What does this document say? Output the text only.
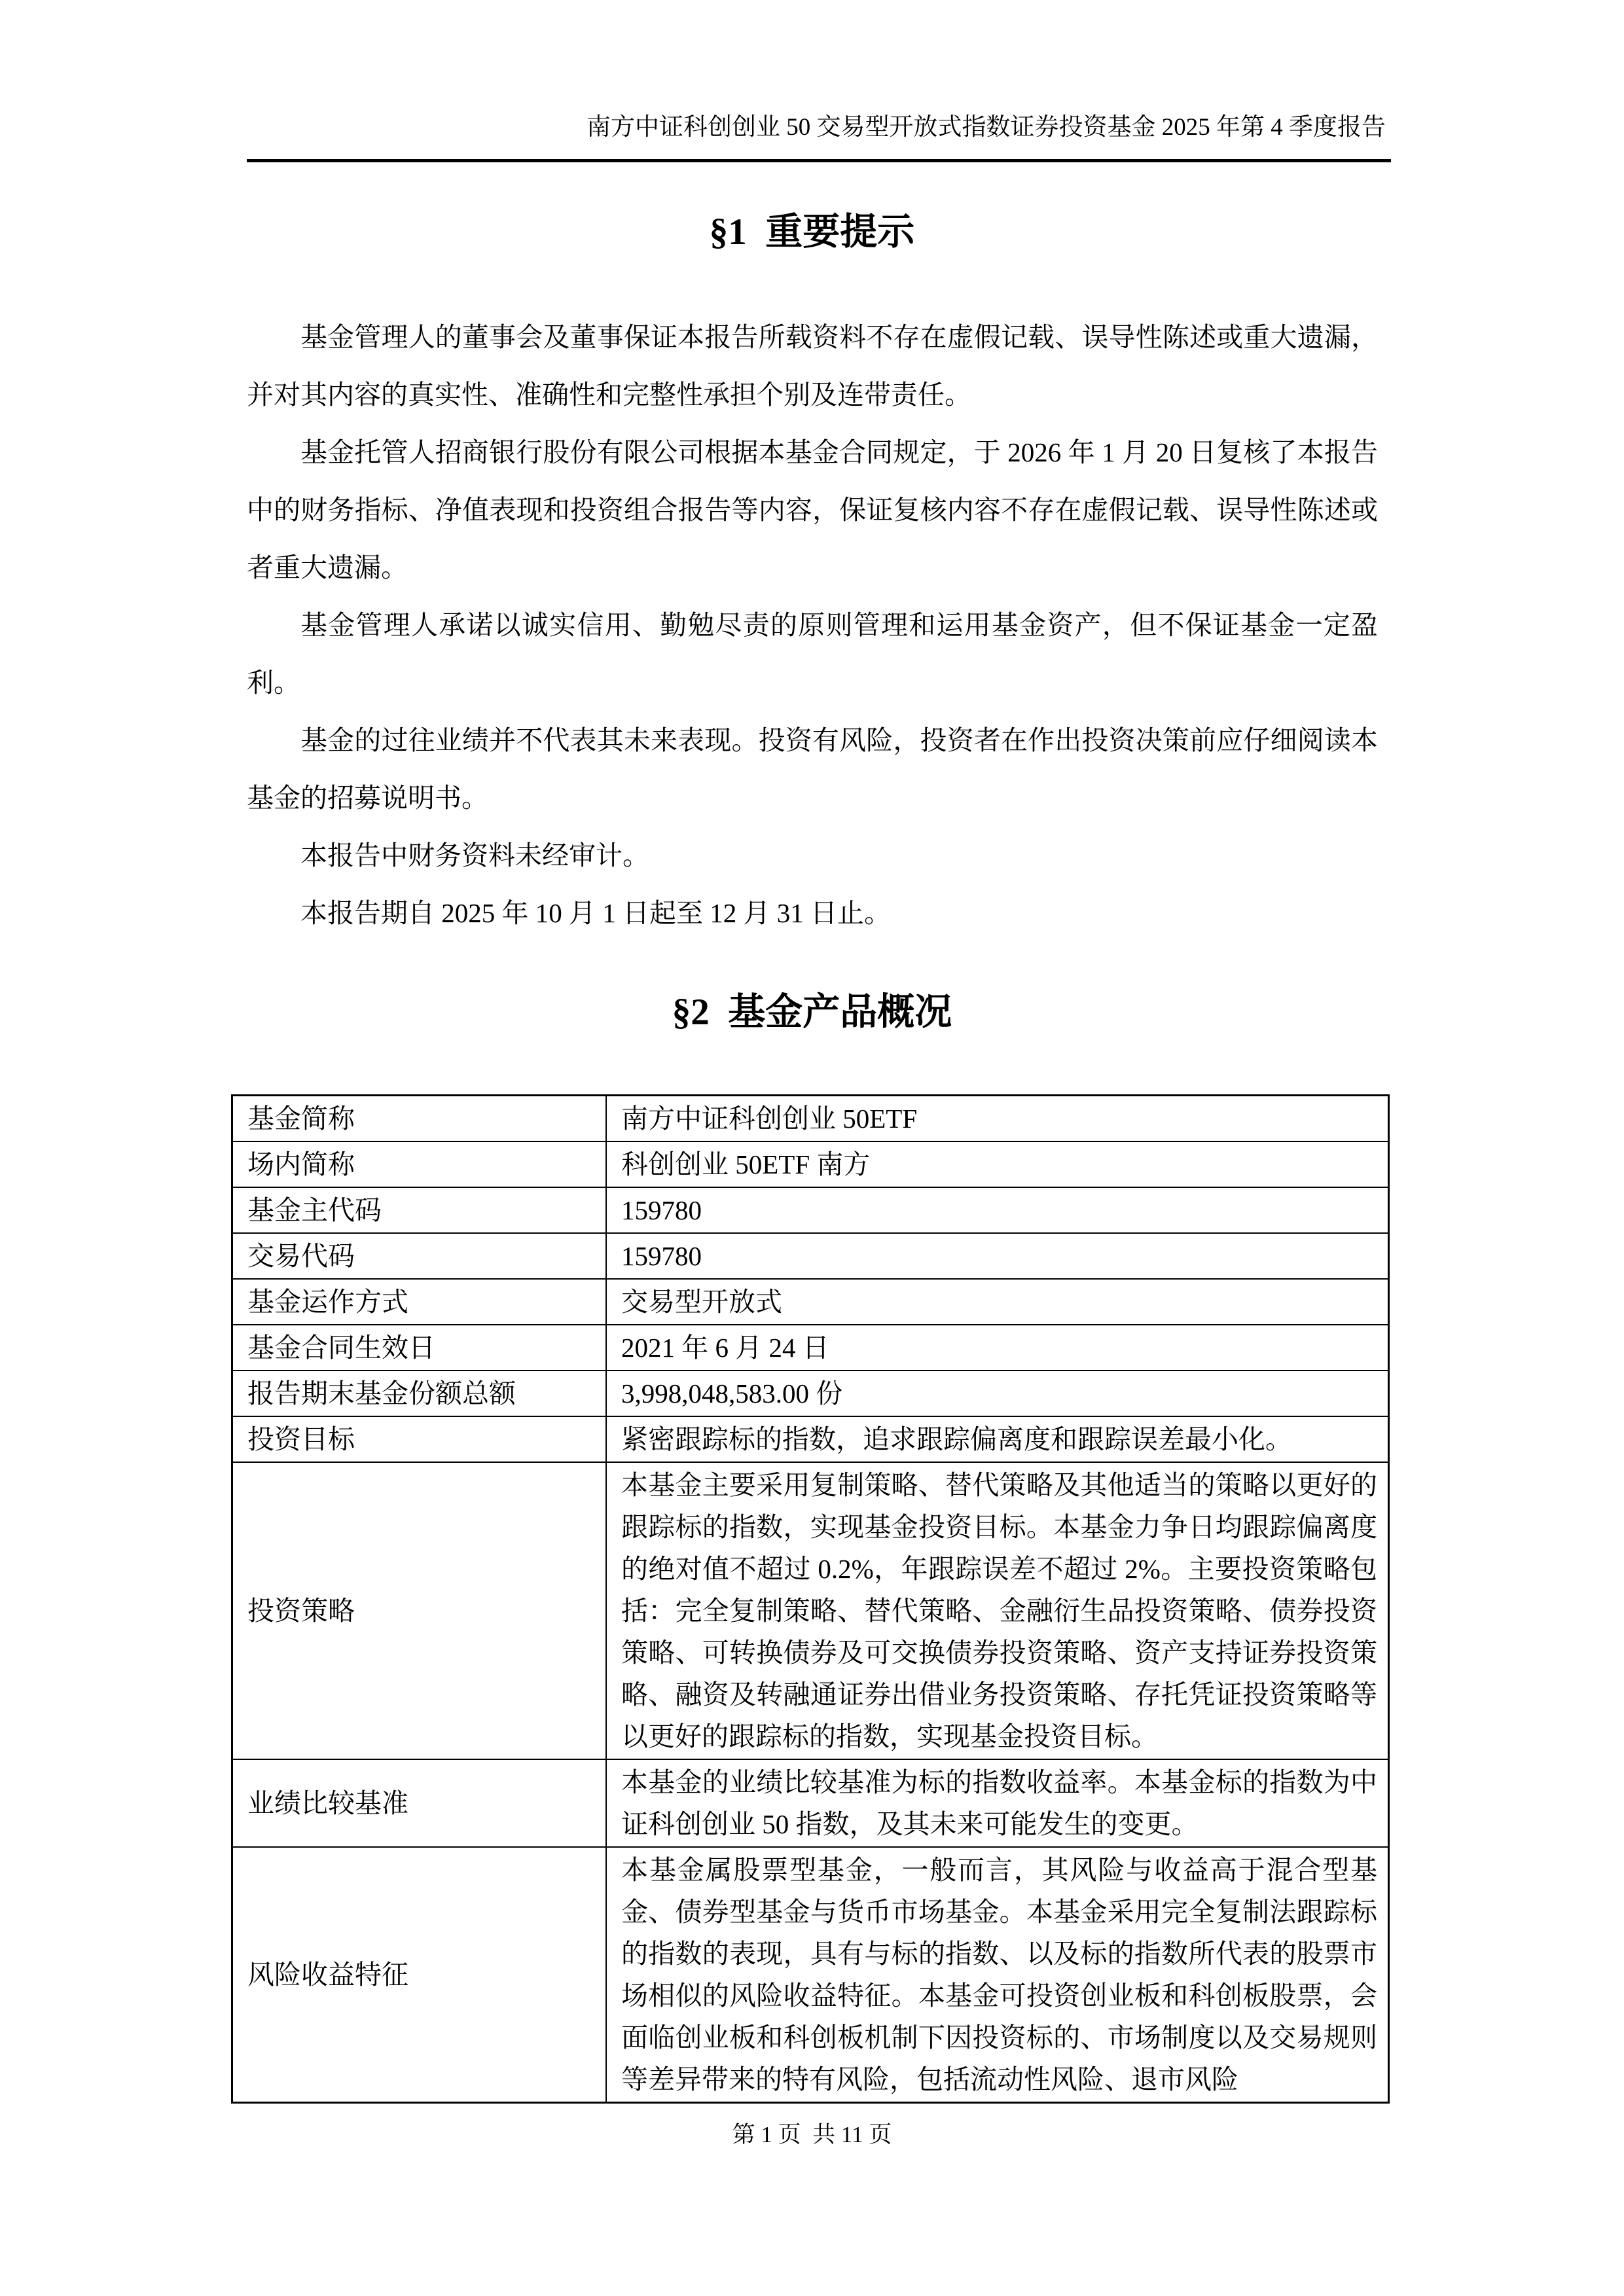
南方中证科创创业 50 交易型开放式指数证券投资基金 2025 年第 4 季度报告
§1  重要提示

基金管理人的董事会及董事保证本报告所载资料不存在虚假记载、误导性陈述或重大遗漏，并对其内容的真实性、准确性和完整性承担个别及连带责任。

基金托管人招商银行股份有限公司根据本基金合同规定，于 2026 年 1 月 20 日复核了本报告中的财务指标、净值表现和投资组合报告等内容，保证复核内容不存在虚假记载、误导性陈述或者重大遗漏。

基金管理人承诺以诚实信用、勤勉尽责的原则管理和运用基金资产，但不保证基金一定盈利。

基金的过往业绩并不代表其未来表现。投资有风险，投资者在作出投资决策前应仔细阅读本基金的招募说明书。

本报告中财务资料未经审计。

本报告期自 2025 年 10 月 1 日起至 12 月 31 日止。

§2  基金产品概况
基金简称	南方中证科创创业 50ETF
场内简称	科创创业 50ETF 南方
基金主代码	159780
交易代码	159780
基金运作方式	交易型开放式
基金合同生效日	2021 年 6 月 24 日
报告期末基金份额总额	3,998,048,583.00 份
投资目标	紧密跟踪标的指数，追求跟踪偏离度和跟踪误差最小化。
投资策略	本基金主要采用复制策略、替代策略及其他适当的策略以更好的跟踪标的指数，实现基金投资目标。本基金力争日均跟踪偏离度的绝对值不超过 0.2%，年跟踪误差不超过 2%。主要投资策略包括：完全复制策略、替代策略、金融衍生品投资策略、债券投资策略、可转换债券及可交换债券投资策略、资产支持证券投资策略、融资及转融通证券出借业务投资策略、存托凭证投资策略等以更好的跟踪标的指数，实现基金投资目标。
业绩比较基准	本基金的业绩比较基准为标的指数收益率。本基金标的指数为中证科创创业 50 指数，及其未来可能发生的变更。
风险收益特征	本基金属股票型基金，一般而言，其风险与收益高于混合型基金、债券型基金与货币市场基金。本基金采用完全复制法跟踪标的指数的表现，具有与标的指数、以及标的指数所代表的股票市场相似的风险收益特征。本基金可投资创业板和科创板股票，会面临创业板和科创板机制下因投资标的、市场制度以及交易规则等差异带来的特有风险，包括流动性风险、退市风险
第 1 页  共 11 页
